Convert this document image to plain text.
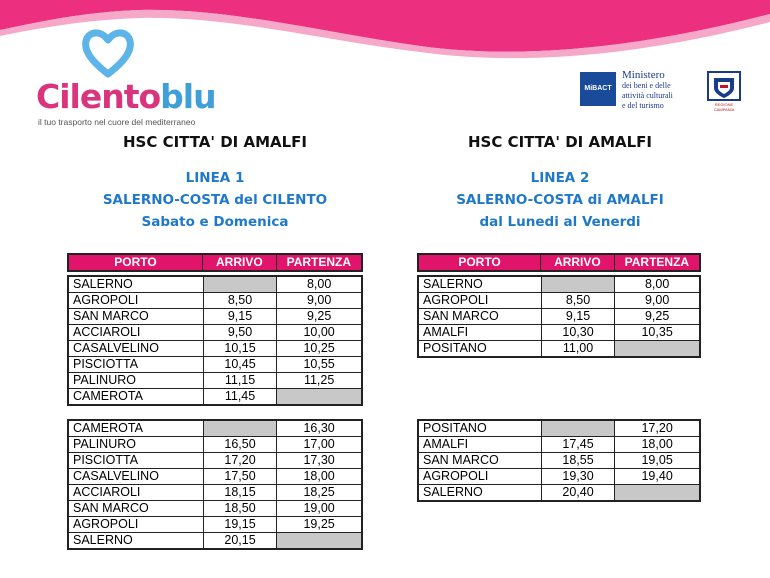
Cilentoblu
il tuo trasporto nel cuore del mediterraneo
MiBACT
Ministero
dei beni e delle
attività culturali
e del turismo	REGIONE CAMPANIA
HSC CITTA' DI AMALFI
LINEA 1
SALERNO-COSTA del CILENTO
Sabato e Domenica
HSC CITTA' DI AMALFI
LINEA 2
SALERNO-COSTA di AMALFI
dal Lunedi al Venerdi
PORTO	ARRIVO	PARTENZA	PORTO	ARRIVO	PARTENZA
SALERNO		8,00
AGROPOLI	8,50	9,00
SAN MARCO	9,15	9,25
ACCIAROLI	9,50	10,00
CASALVELINO	10,15	10,25
PISCIOTTA	10,45	10,55
PALINURO	11,15	11,25
CAMEROTA	11,45	
CAMEROTA		16,30
PALINURO	16,50	17,00
PISCIOTTA	17,20	17,30
CASALVELINO	17,50	18,00
ACCIAROLI	18,15	18,25
SAN MARCO	18,50	19,00
AGROPOLI	19,15	19,25
SALERNO	20,15	
SALERNO		8,00
AGROPOLI	8,50	9,00
SAN MARCO	9,15	9,25
AMALFI	10,30	10,35
POSITANO	11,00	
POSITANO		17,20
AMALFI	17,45	18,00
SAN MARCO	18,55	19,05
AGROPOLI	19,30	19,40
SALERNO	20,40	
